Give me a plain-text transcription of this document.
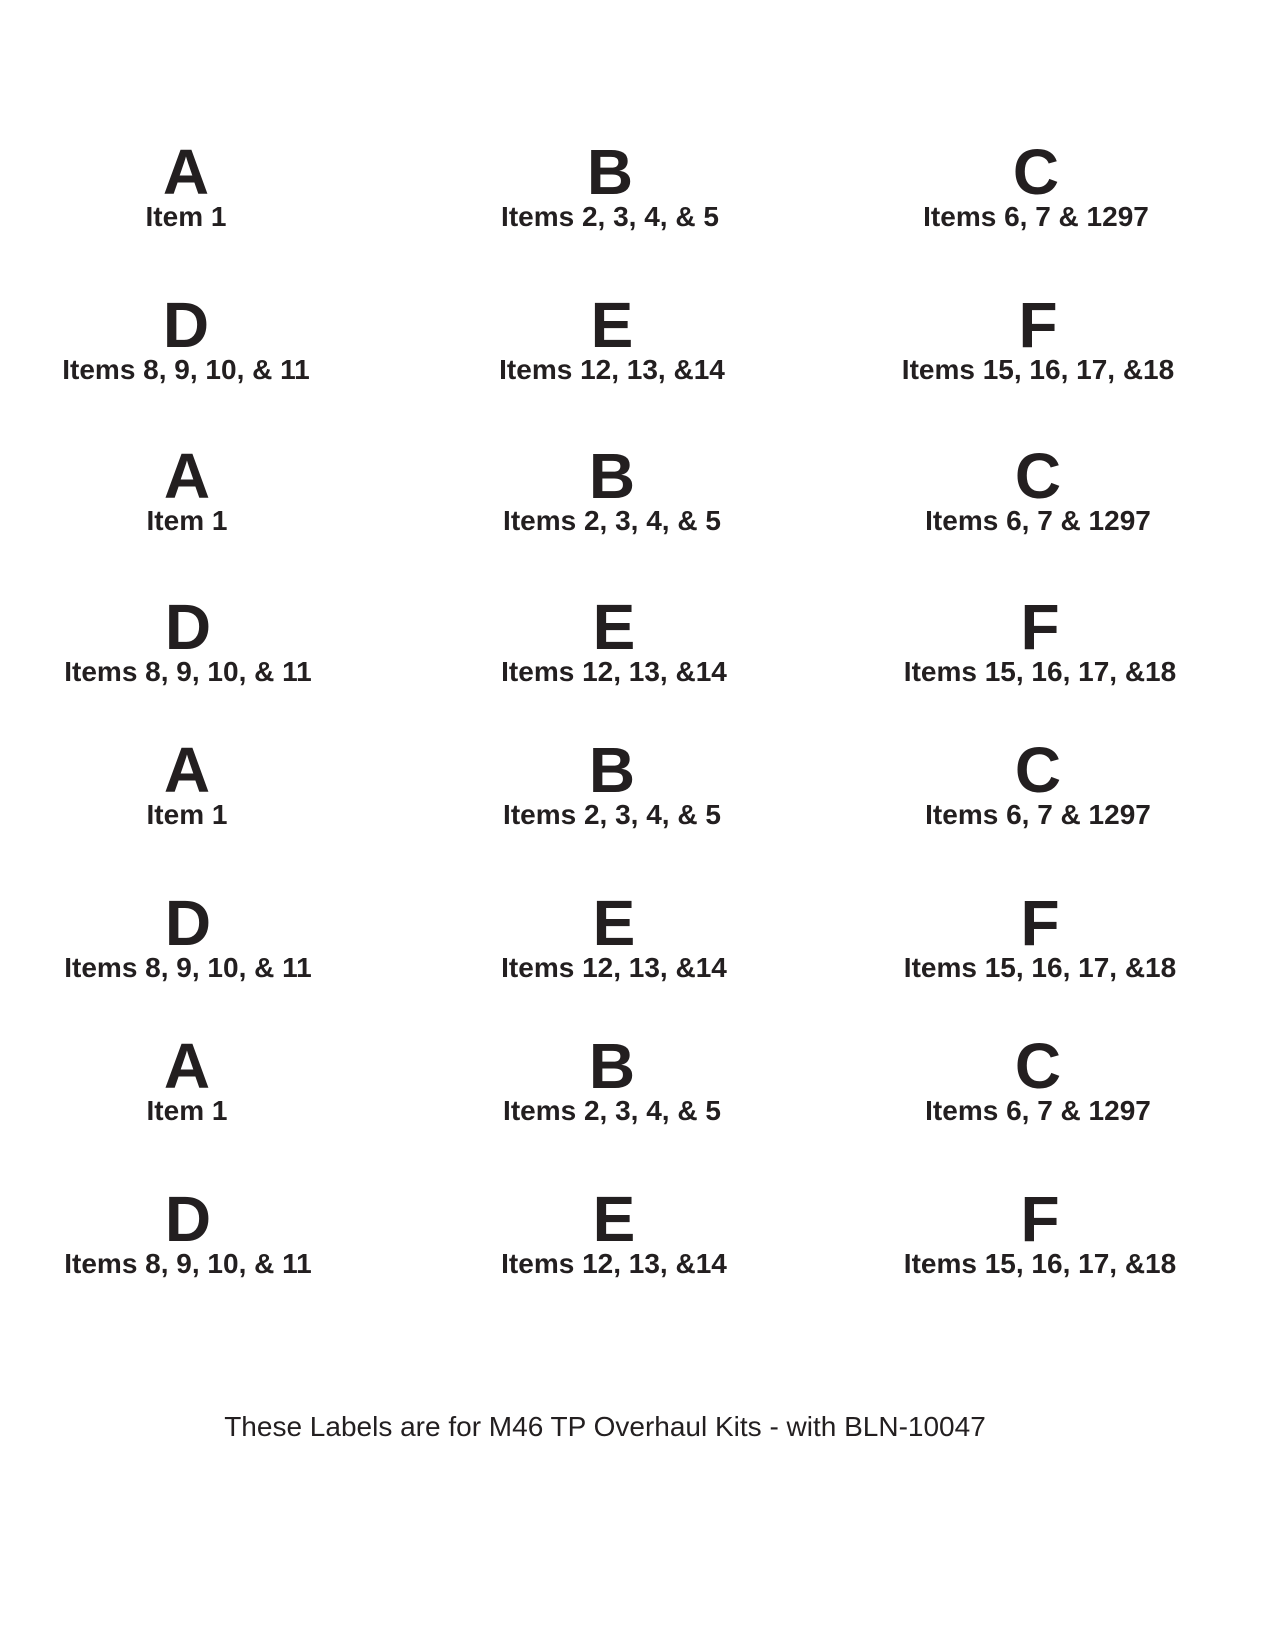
A
Item 1
B
Items 2, 3, 4, & 5
C
Items 6, 7 & 1297
D
Items 8, 9, 10, & 11
E
Items 12, 13, &14
F
Items 15, 16, 17, &18
A
Item 1
B
Items 2, 3, 4, & 5
C
Items 6, 7 & 1297
D
Items 8, 9, 10, & 11
E
Items 12, 13, &14
F
Items 15, 16, 17, &18
A
Item 1
B
Items 2, 3, 4, & 5
C
Items 6, 7 & 1297
D
Items 8, 9, 10, & 11
E
Items 12, 13, &14
F
Items 15, 16, 17, &18
A
Item 1
B
Items 2, 3, 4, & 5
C
Items 6, 7 & 1297
D
Items 8, 9, 10, & 11
E
Items 12, 13, &14
F
Items 15, 16, 17, &18
These Labels are for M46 TP Overhaul Kits - with BLN-10047
